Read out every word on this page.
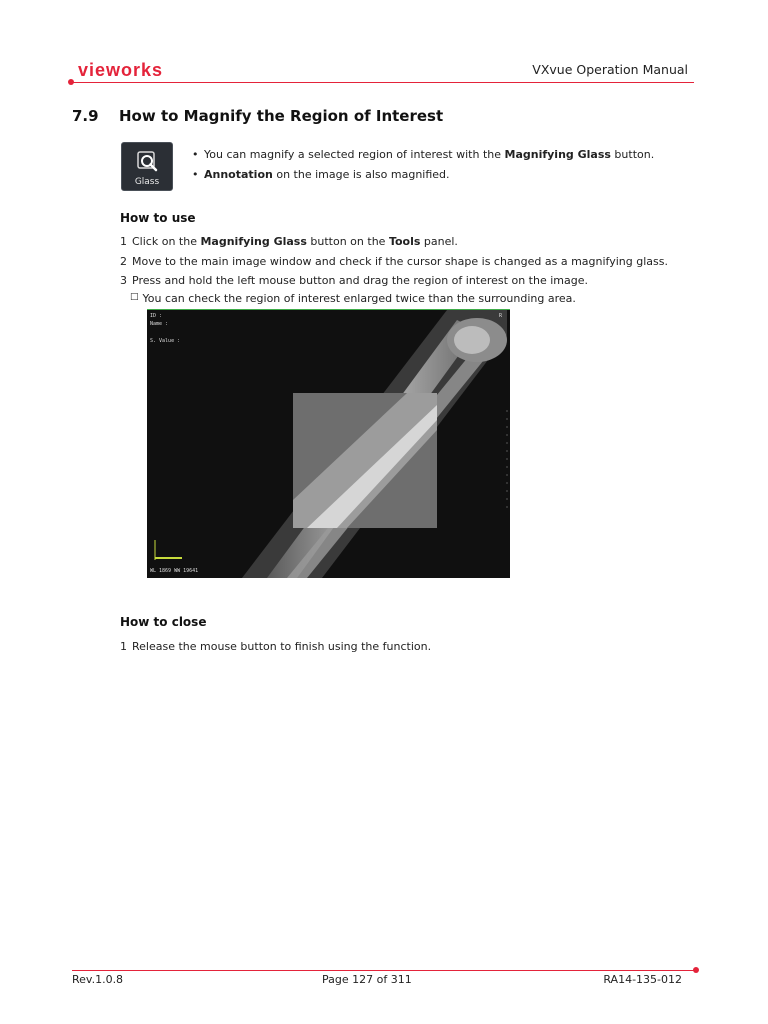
vieworks	VXvue Operation Manual
7.9 How to Magnify the Region of Interest
Glass
• You can magnify a selected region of interest with the Magnifying Glass button.
• Annotation on the image is also magnified.
How to use
1 Click on the Magnifying Glass button on the Tools panel.
2 Move to the main image window and check if the cursor shape is changed as a magnifying glass.
3 Press and hold the left mouse button and drag the region of interest on the image.
□ You can check the region of interest enlarged twice than the surrounding area.
ID :
Name :
S. Value :
R
WL 1869 WW 19641
How to close
1 Release the mouse button to finish using the function.
Rev.1.0.8	Page 127 of 311	RA14-135-012
